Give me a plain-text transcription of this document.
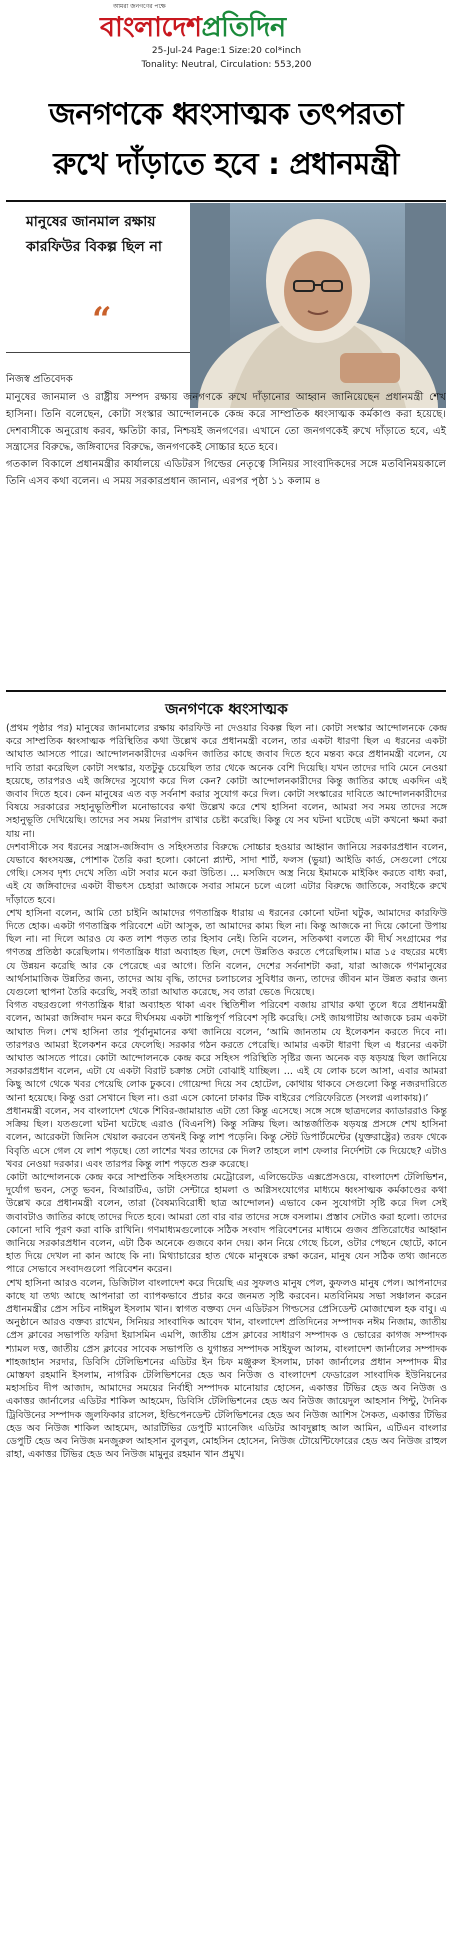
আমরা জনগণের পক্ষে
বাংলাদেশপ্রতিদিন
25-Jul-24 Page:1 Size:20 col*inch
Tonality: Neutral, Circulation: 553,200
জনগণকে ধ্বংসাত্মক তৎপরতা
রুখে দাঁড়াতে হবে : প্রধানমন্ত্রী
মানুষের জানমাল রক্ষায় কারফিউর বিকল্প ছিল না
“
নিজস্ব প্রতিবেদক

মানুষের জানমাল ও রাষ্ট্রীয় সম্পদ রক্ষায় জনগণকে রুখে দাঁড়ানোর আহ্বান জানিয়েছেন প্রধানমন্ত্রী শেখ হাসিনা। তিনি বলেছেন, কোটা সংস্কার আন্দোলনকে কেন্দ্র করে সাম্প্রতিক ধ্বংসাত্মক কর্মকাণ্ড করা হয়েছে। দেশবাসীকে অনুরোধ করব, ক্ষতিটা কার, নিশ্চয়ই জনগণের। এখানে তো জনগণকেই রুখে দাঁড়াতে হবে, এই সন্ত্রাসের বিরুদ্ধে, জঙ্গিবাদের বিরুদ্ধে, জনগণকেই সোচ্চার হতে হবে।

গতকাল বিকালে প্রধানমন্ত্রীর কার্যালয়ে এডিটরস গিল্ডের নেতৃত্বে সিনিয়র সাংবাদিকদের সঙ্গে মতবিনিময়কালে তিনি এসব কথা বলেন। এ সময় সরকারপ্রধান জানান, এরপর পৃষ্ঠা ১১ কলাম ৪

জনগণকে ধ্বংসাত্মক

(প্রথম পৃষ্ঠার পর) মানুষের জানমালের রক্ষায় কারফিউ না দেওয়ার বিকল্প ছিল না। কোটা সংস্কার আন্দোলনকে কেন্দ্র করে সাম্প্রতিক ধ্বংসাত্মক পরিস্থিতির কথা উল্লেখ করে প্রধানমন্ত্রী বলেন, তার একটা ধারণা ছিল এ ধরনের একটা আঘাত আসতে পারে। আন্দোলনকারীদের একদিন জাতির কাছে জবাব দিতে হবে মন্তব্য করে প্রধানমন্ত্রী বলেন, যে দাবি তারা করেছিল কোটা সংস্কার, যতটুকু চেয়েছিল তার থেকে অনেক বেশি দিয়েছি। যখন তাদের দাবি মেনে নেওয়া হয়েছে, তারপরও এই জঙ্গিদের সুযোগ করে দিল কেন? কোটা আন্দোলনকারীদের কিন্তু জাতির কাছে একদিন এই জবাব দিতে হবে। কেন মানুষের এত বড় সর্বনাশ করার সুযোগ করে দিল। কোটা সংস্কারের দাবিতে আন্দোলনকারীদের বিষয়ে সরকারের সহানুভূতিশীল মনোভাবের কথা উল্লেখ করে শেখ হাসিনা বলেন, আমরা সব সময় তাদের সঙ্গে সহানুভূতি দেখিয়েছি। তাদের সব সময় নিরাপদ রাখার চেষ্টা করেছি। কিন্তু যে সব ঘটনা ঘটেছে এটা কখনো ক্ষমা করা যায় না।

দেশবাসীকে সব ধরনের সন্ত্রাস-জঙ্গিবাদ ও সহিংসতার বিরুদ্ধে সোচ্চার হওয়ার আহ্বান জানিয়ে সরকারপ্রধান বলেন, যেভাবে ধ্বংসযজ্ঞ, পোশাক তৈরি করা হলো। কোনো প্ল্যান্ট, সাদা শার্ট, ফলস (ভুয়া) আইডি কার্ড, সেগুলো পেয়ে গেছি। সেসব দৃশ্য দেখে সত্যি এটা সবার মনে করা উচিত। ... মসজিদে অস্ত্র নিয়ে ইমামকে মাইকিং করতে বাধ্য করা, এই যে জঙ্গিবাদের একটা বীভৎস চেহারা আজকে সবার সামনে চলে এলো এটার বিরুদ্ধে জাতিকে, সবাইকে রুখে দাঁড়াতে হবে।

শেখ হাসিনা বলেন, আমি তো চাইনি আমাদের গণতান্ত্রিক ধারায় এ ধরনের কোনো ঘটনা ঘটুক, আমাদের কারফিউ দিতে হোক। একটা গণতান্ত্রিক পরিবেশে এটা আসুক, তা আমাদের কাম্য ছিল না। কিন্তু আজকে না দিয়ে কোনো উপায় ছিল না। না দিলে আরও যে কত লাশ পড়ত তার হিসাব নেই। তিনি বলেন, সতিকথা বলতে কী দীর্ঘ সংগ্রামের পর গণতন্ত্র প্রতিষ্ঠা করেছিলাম। গণতান্ত্রিক ধারা অব্যাহত ছিল, দেশে উন্নতিও করতে পেরেছিলাম। মাত্র ১৫ বছরের মধ্যে যে উন্নয়ন করেছি আর কে পেরেছে এর আগে। তিনি বলেন, দেশের সর্বনাশটা করা, যারা আজকে গণমানুষের আর্থসামাজিক উন্নতির জন্য, তাদের আয় বৃদ্ধি, তাদের চলাচলের সুবিধার জন্য, তাদের জীবন মান উন্নত করার জন্য যেগুলো স্থাপনা তৈরি করেছি, সবই তারা আঘাত করেছে, সব তারা ভেঙে দিয়েছে।

বিগত বছরগুলো গণতান্ত্রিক ধারা অব্যাহত থাকা এবং স্থিতিশীল পরিবেশ বজায় রাখার কথা তুলে ধরে প্রধানমন্ত্রী বলেন, আমরা জঙ্গিবাদ দমন করে দীর্ঘসময় একটা শান্তিপূর্ণ পরিবেশ সৃষ্টি করেছি। সেই জায়গাটায় আজকে চরম একটা আঘাত দিল। শেখ হাসিনা তার পূর্বানুমানের কথা জানিয়ে বলেন, ‘আমি জানতাম যে ইলেকশন করতে দিবে না। তারপরও আমরা ইলেকশন করে ফেলেছি। সরকার গঠন করতে পেরেছি। আমার একটা ধারণা ছিল এ ধরনের একটা আঘাত আসতে পারে। কোটা আন্দোলনকে কেন্দ্র করে সহিংস পরিস্থিতি সৃষ্টির জন্য অনেক বড় ষড়যন্ত্র ছিল জানিয়ে সরকারপ্রধান বলেন, এটা যে একটা বিরাট চক্রান্ত সেটা বোঝাই যাচ্ছিল। ... এই যে লোক চলে আসা, এবার আমরা কিছু আগে থেকে খবর পেয়েছি লোক ঢুকবে। গোয়েন্দা দিয়ে সব হোটেল, কোথায় থাকবে সেগুলো কিন্তু নজরদারিতে আনা হয়েছে। কিন্তু ওরা সেখানে ছিল না। ওরা এসে কোনো ঢাকার টিক বাইরের পেরিফেরিতে (সংলগ্ন এলাকায়)।’

প্রধানমন্ত্রী বলেন, সব বাংলাদেশ থেকে শিবির-জামায়াত এটা তো কিন্তু এসেছে। সঙ্গে সঙ্গে ছাত্রদলের ক্যাডাররাও কিন্তু সক্রিয় ছিল। যতগুলো ঘটনা ঘটেছে এরাও (বিএনপি) কিন্তু সক্রিয় ছিল। আন্তর্জাতিক ষড়যন্ত্র প্রসঙ্গে শেখ হাসিনা বলেন, আরেকটা জিনিস খেয়াল করবেন তখনই কিন্তু লাশ পড়েনি। কিন্তু স্টেট ডিপার্টমেন্টের (যুক্তরাষ্ট্রের) তরফ থেকে বিবৃতি এসে গেল যে লাশ পড়ছে। তো লাশের খবর তাদের কে দিল? তাহলে লাশ ফেলার নির্দেশটা কে দিয়েছে? এটাও খবর নেওয়া দরকার। এবং তারপর কিন্তু লাশ পড়তে শুরু করেছে।

কোটা আন্দোলনকে কেন্দ্র করে সাম্প্রতিক সহিংসতায় মেট্রোরেল, এলিভেটেড এক্সপ্রেসওয়ে, বাংলাদেশ টেলিভিশন, দুর্যোগ ভবন, সেতু ভবন, বিআরটিএ, ডাটা সেন্টারে হামলা ও অগ্নিসংযোগের মাধ্যমে ধ্বংসাত্মক কর্মকাণ্ডের কথা উল্লেখ করে প্রধানমন্ত্রী বলেন, তারা (বৈষম্যবিরোধী ছাত্র আন্দোলন) এভাবে কেন সুযোগটা সৃষ্টি করে দিল সেই জবাবটাও জাতির কাছে তাদের দিতে হবে। আমরা তো বার বার তাদের সঙ্গে বসলাম। প্রস্তাব সেটাও করা হলো। তাদের কোনো দাবি পূরণ করা বাকি রাখিনি। গণমাধ্যমগুলোকে সঠিক সংবাদ পরিবেশনের মাধ্যমে গুজব প্রতিরোধের আহ্বান জানিয়ে সরকারপ্রধান বলেন, এটা ঠিক অনেকে গুজবে কান দেয়। কান নিয়ে গেছে চিলে, ওটার পেছনে ছোটে, কানে হাত দিয়ে দেখল না কান আছে কি না। মিথ্যাচারের হাত থেকে মানুষকে রক্ষা করেন, মানুষ যেন সঠিক তথ্য জানতে পারে সেভাবে সংবাদগুলো পরিবেশন করেন।

শেখ হাসিনা আরও বলেন, ডিজিটাল বাংলাদেশ করে দিয়েছি এর সুফলও মানুষ পেল, কুফলও মানুষ পেল। আপনাদের কাছে যা তথ্য আছে আপনারা তা ব্যাপকভাবে প্রচার করে জনমত সৃষ্টি করবেন। মতবিনিময় সভা সঞ্চালন করেন প্রধানমন্ত্রীর প্রেস সচিব নাঈমুল ইসলাম খান। স্বাগত বক্তব্য দেন এডিটরস গিল্ডসের প্রেসিডেন্ট মোজাম্মেল হক বাবু। এ অনুষ্ঠানে আরও বক্তব্য রাখেন, সিনিয়র সাংবাদিক আবেদ খান, বাংলাদেশ প্রতিদিনের সম্পাদক নঈম নিজাম, জাতীয় প্রেস ক্লাবের সভাপতি ফরিদা ইয়াসমিন এমপি, জাতীয় প্রেস ক্লাবের সাধারণ সম্পাদক ও ভোরের কাগজ সম্পাদক শ্যামল দত্ত, জাতীয় প্রেস ক্লাবের সাবেক সভাপতি ও যুগান্তর সম্পাদক সাইফুল আলম, বাংলাদেশ জার্নালের সম্পাদক শাহজাহান সরদার, ডিবিসি টেলিভিশনের এডিটর ইন চিফ মঞ্জুরুল ইসলাম, ঢাকা জার্নালের প্রধান সম্পাদক মীর মোস্তফা রহমানি ইসলাম, নাগরিক টেলিভিশনের হেড অব নিউজ ও বাংলাদেশ ফেডারেল সাংবাদিক ইউনিয়নের মহাসচিব দীপ আজাদ, আমাদের সময়ের নির্বাহী সম্পাদক মানোয়ার হোসেন, একাত্তর টিভির হেড অব নিউজ ও একাত্তর জার্নালের এডিটর শাকিল আহমেদ, ডিবিসি টেলিভিশনের হেড অব নিউজ জায়েদুল আহসান পিন্টু, দৈনিক ট্রিবিউনের সম্পাদক জুলফিকার রাসেল, ইন্ডিপেনডেন্ট টেলিভিশনের হেড অব নিউজ আশিস সৈকত, একাত্তর টিভির হেড অব নিউজ শাকিল আহমেদ, আরটিভির ডেপুটি ম্যানেজিং এডিটর আবদুল্লাহ আল আমিন, এটিএন বাংলার ডেপুটি হেড অব নিউজ মনজুরুল আহসান বুলবুল, মোহসিন হোসেন, নিউজ টোয়েন্টিফোরের হেড অব নিউজ রাহুল রাহা, একাত্তর টিভির হেড অব নিউজ মামুনুর রহমান খান প্রমুখ।
